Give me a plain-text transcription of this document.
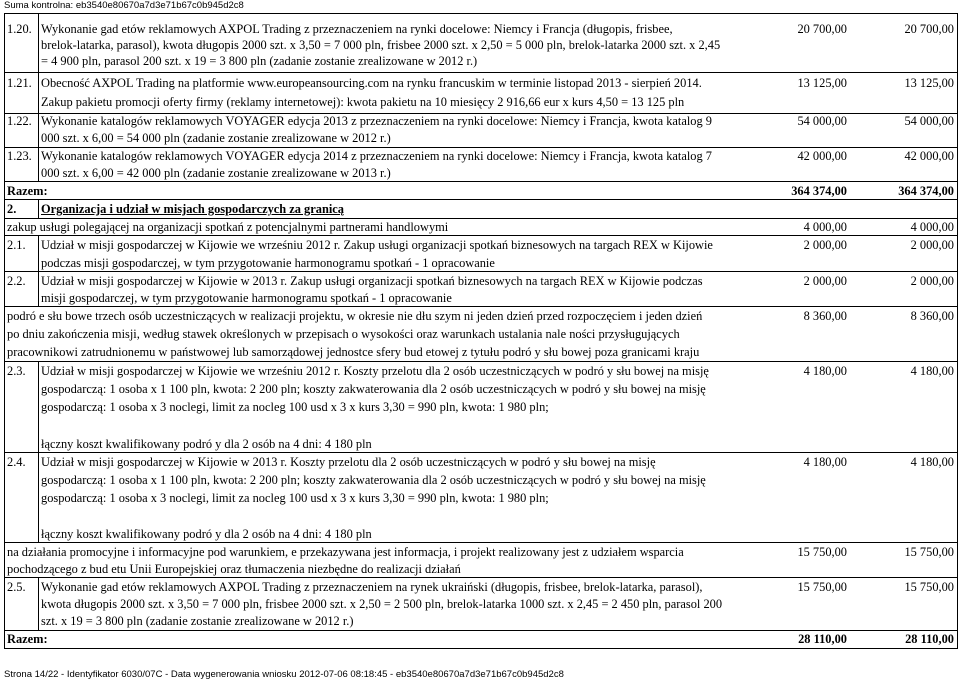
Suma kontrolna: eb3540e80670a7d3e71b67c0b945d2c8
1.20. Wykonanie gad etów reklamowych AXPOL Trading z przeznaczeniem na rynki docelowe: Niemcy i Francja (długopis, frisbee,
brelok-latarka, parasol), kwota długopis 2000 szt. x 3,50 = 7 000 pln, frisbee 2000 szt. x 2,50 = 5 000 pln, brelok-latarka 2000 szt. x 2,45
= 4 900 pln, parasol 200 szt. x 19 = 3 800 pln (zadanie zostanie zrealizowane w 2012 r.)
20 700,00	20 700,00
1.21. Obecność AXPOL Trading na platformie www.europeansourcing.com na rynku francuskim w terminie listopad 2013 - sierpień 2014.
Zakup pakietu promocji oferty firmy (reklamy internetowej): kwota pakietu na 10 miesięcy 2 916,66 eur x kurs 4,50 = 13 125 pln
13 125,00	13 125,00
1.22. Wykonanie katalogów reklamowych VOYAGER edycja 2013 z przeznaczeniem na rynki docelowe: Niemcy i Francja, kwota katalog 9
000 szt. x 6,00 = 54 000 pln (zadanie zostanie zrealizowane w 2012 r.)
54 000,00	54 000,00
1.23. Wykonanie katalogów reklamowych VOYAGER edycja 2014 z przeznaczeniem na rynki docelowe: Niemcy i Francja, kwota katalog 7
000 szt. x 6,00 = 42 000 pln (zadanie zostanie zrealizowane w 2013 r.)
42 000,00	42 000,00
Razem:	364 374,00	364 374,00
2. Organizacja i udział w misjach gospodarczych za granicą
zakup usługi polegającej na organizacji spotkań z potencjalnymi partnerami handlowymi	4 000,00	4 000,00
2.1. Udział w misji gospodarczej w Kijowie we wrześniu 2012 r. Zakup usługi organizacji spotkań biznesowych na targach REX w Kijowie
podczas misji gospodarczej, w tym przygotowanie harmonogramu spotkań - 1 opracowanie
2 000,00	2 000,00
2.2. Udział w misji gospodarczej w Kijowie w 2013 r. Zakup usługi organizacji spotkań biznesowych na targach REX w Kijowie podczas
misji gospodarczej, w tym przygotowanie harmonogramu spotkań - 1 opracowanie
2 000,00	2 000,00
podró e słu bowe trzech osób uczestniczących w realizacji projektu, w okresie nie dłu szym ni jeden dzień przed rozpoczęciem i jeden dzień
po dniu zakończenia misji, według stawek określonych w przepisach o wysokości oraz warunkach ustalania nale ności przysługujących
pracownikowi zatrudnionemu w państwowej lub samorządowej jednostce sfery bud etowej z tytułu podró y słu bowej poza granicami kraju
8 360,00	8 360,00
2.3. Udział w misji gospodarczej w Kijowie we wrześniu 2012 r. Koszty przelotu dla 2 osób uczestniczących w podró y słu bowej na misję
gospodarczą: 1 osoba x 1 100 pln, kwota: 2 200 pln; koszty zakwaterowania dla 2 osób uczestniczących w podró y słu bowej na misję
gospodarczą: 1 osoba x 3 noclegi, limit za nocleg 100 usd x 3 x kurs 3,30 = 990 pln, kwota: 1 980 pln;
łączny koszt kwalifikowany podró y dla 2 osób na 4 dni: 4 180 pln
4 180,00	4 180,00
2.4. Udział w misji gospodarczej w Kijowie w 2013 r. Koszty przelotu dla 2 osób uczestniczących w podró y słu bowej na misję
gospodarczą: 1 osoba x 1 100 pln, kwota: 2 200 pln; koszty zakwaterowania dla 2 osób uczestniczących w podró y słu bowej na misję
gospodarczą: 1 osoba x 3 noclegi, limit za nocleg 100 usd x 3 x kurs 3,30 = 990 pln, kwota: 1 980 pln;
łączny koszt kwalifikowany podró y dla 2 osób na 4 dni: 4 180 pln
4 180,00	4 180,00
na działania promocyjne i informacyjne pod warunkiem, e przekazywana jest informacja, i projekt realizowany jest z udziałem wsparcia
pochodzącego z bud etu Unii Europejskiej oraz tłumaczenia niezbędne do realizacji działań
15 750,00	15 750,00
2.5. Wykonanie gad etów reklamowych AXPOL Trading z przeznaczeniem na rynek ukraiński (długopis, frisbee, brelok-latarka, parasol),
kwota długopis 2000 szt. x 3,50 = 7 000 pln, frisbee 2000 szt. x 2,50 = 2 500 pln, brelok-latarka 1000 szt. x 2,45 = 2 450 pln, parasol 200
szt. x 19 = 3 800 pln (zadanie zostanie zrealizowane w 2012 r.)
15 750,00	15 750,00
Razem:	28 110,00	28 110,00
Strona 14/22 - Identyfikator 6030/07C - Data wygenerowania wniosku 2012-07-06 08:18:45 - eb3540e80670a7d3e71b67c0b945d2c8
